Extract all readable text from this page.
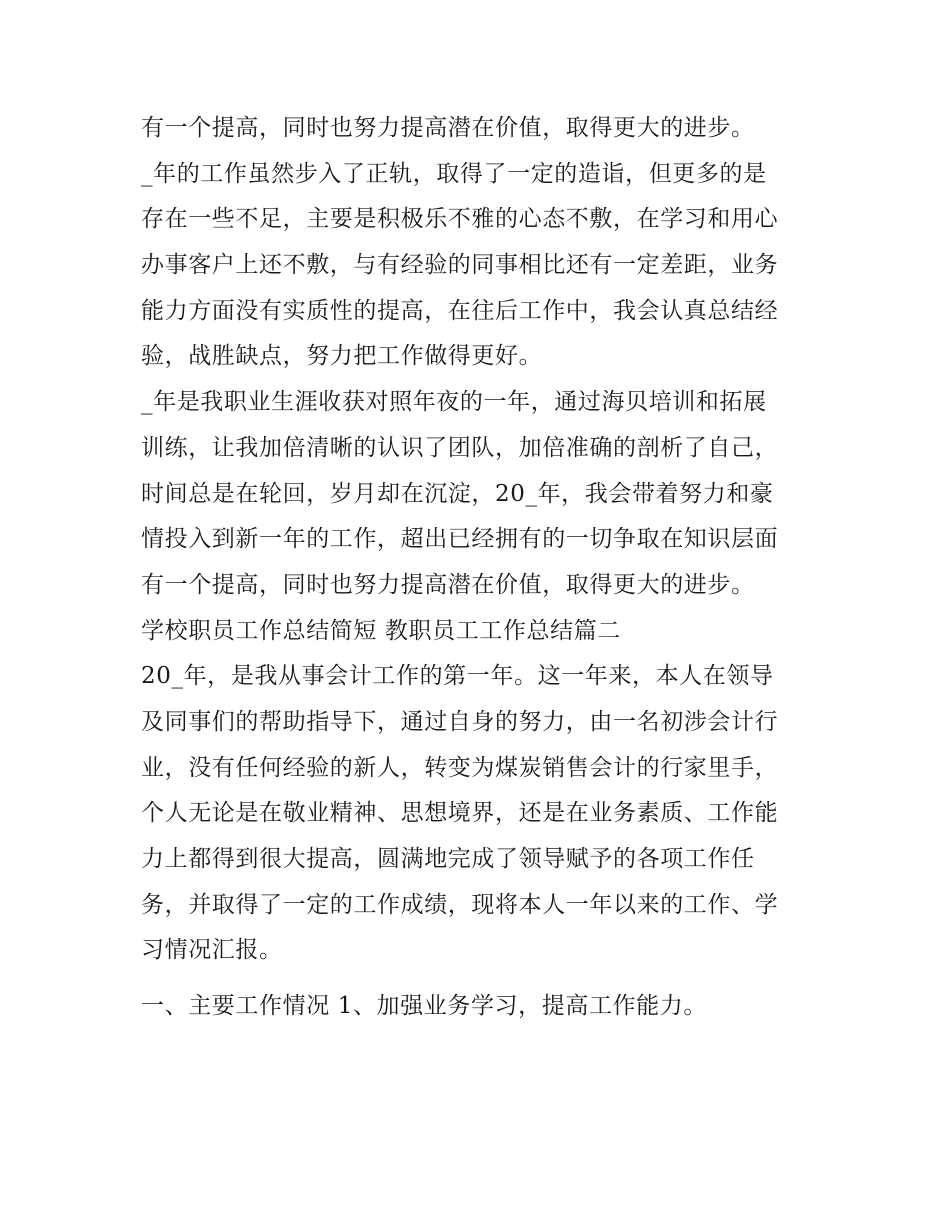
有一个提高，同时也努力提高潜在价值，取得更大的进步。
_年的工作虽然步入了正轨，取得了一定的造诣，但更多的是
存在一些不足，主要是积极乐不雅的心态不敷，在学习和用心
办事客户上还不敷，与有经验的同事相比还有一定差距，业务
能力方面没有实质性的提高，在往后工作中，我会认真总结经
验，战胜缺点，努力把工作做得更好。
_年是我职业生涯收获对照年夜的一年，通过海贝培训和拓展
训练，让我加倍清晰的认识了团队，加倍准确的剖析了自己，
时间总是在轮回，岁月却在沉淀，20_年，我会带着努力和豪
情投入到新一年的工作，超出已经拥有的一切争取在知识层面
有一个提高，同时也努力提高潜在价值，取得更大的进步。
学校职员工作总结简短 教职员工工作总结篇二
20_年，是我从事会计工作的第一年。这一年来，本人在领导
及同事们的帮助指导下，通过自身的努力，由一名初涉会计行
业，没有任何经验的新人，转变为煤炭销售会计的行家里手，
个人无论是在敬业精神、思想境界，还是在业务素质、工作能
力上都得到很大提高，圆满地完成了领导赋予的各项工作任
务，并取得了一定的工作成绩，现将本人一年以来的工作、学
习情况汇报。
一、主要工作情况 1、加强业务学习，提高工作能力。
